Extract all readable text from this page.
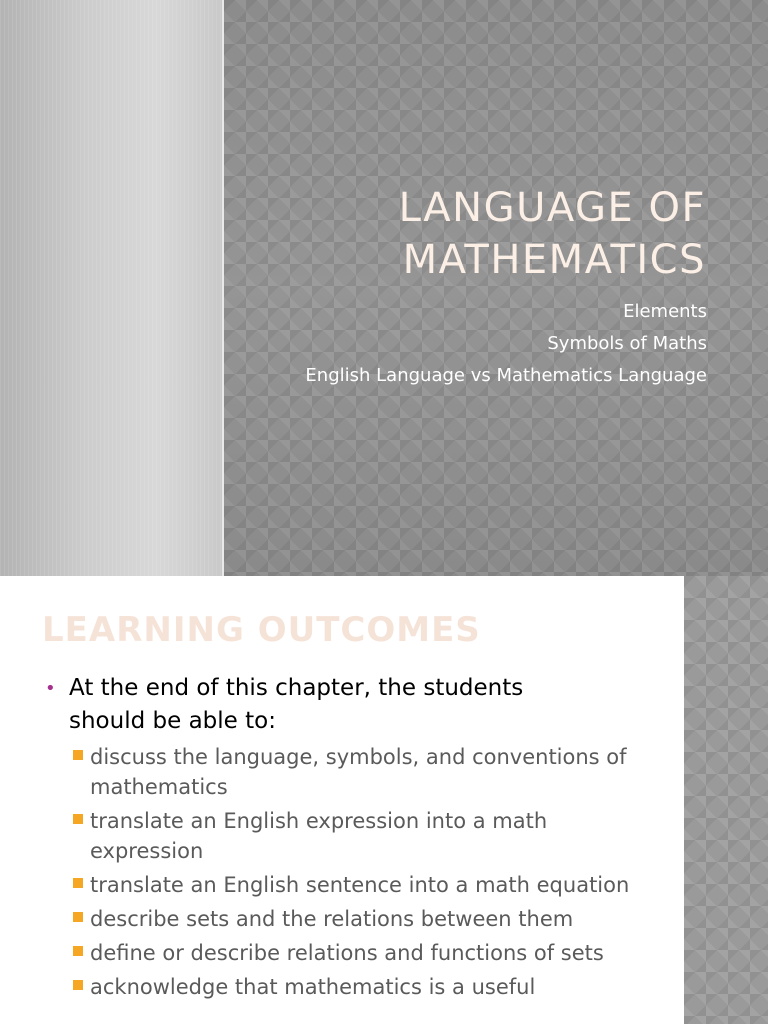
LANGUAGE OF
MATHEMATICS
Elements
Symbols of Maths
English Language vs Mathematics Language
LEARNING OUTCOMES
• At the end of this chapter, the students should be able to:
discuss the language, symbols, and conventions of mathematics
translate an English expression into a math expression
translate an English sentence into a math equation
describe sets and the relations between them
define or describe relations and functions of sets
acknowledge that mathematics is a useful
